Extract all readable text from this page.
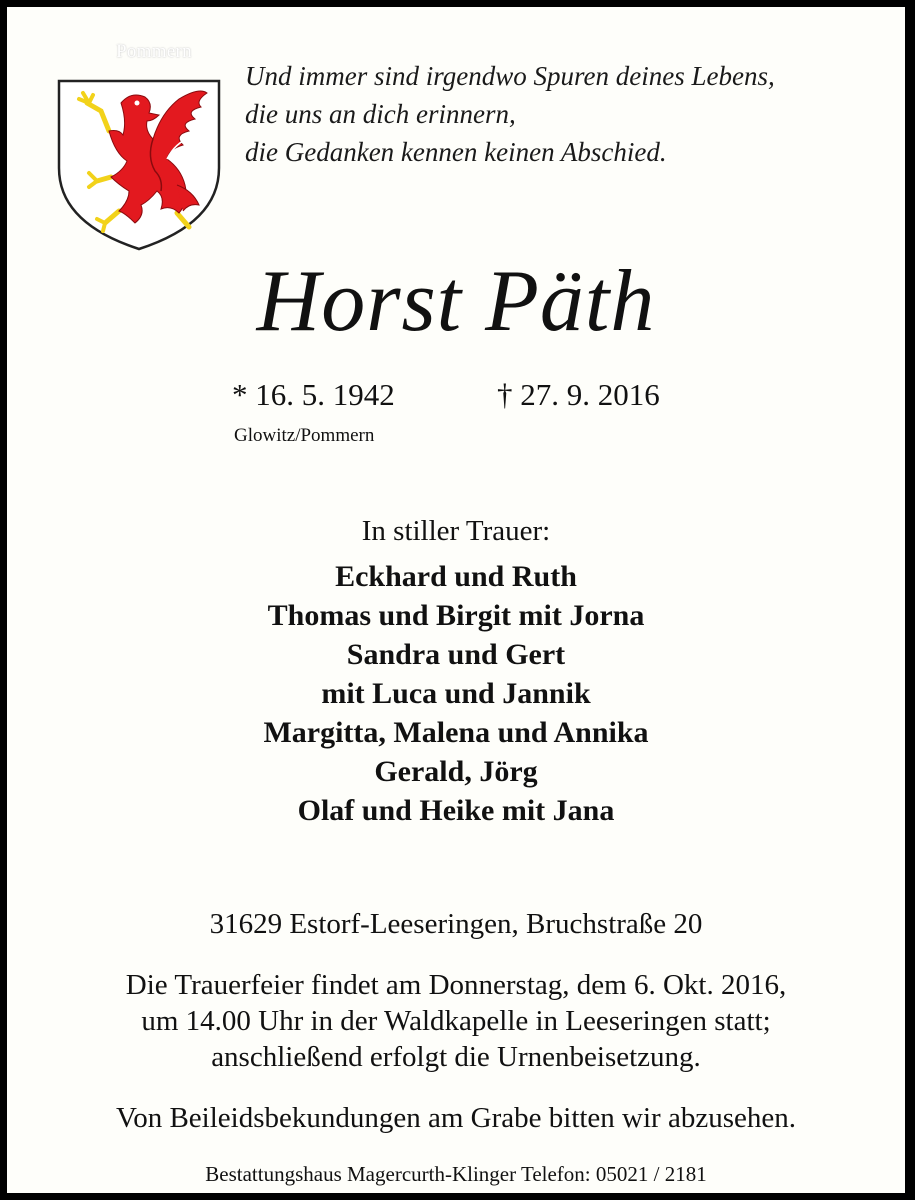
Pommern
Und immer sind irgendwo Spuren deines Lebens,
die uns an dich erinnern,
die Gedanken kennen keinen Abschied.
Horst Päth
* 16. 5. 1942	† 27. 9. 2016
Glowitz/Pommern
In stiller Trauer:
Eckhard und Ruth
Thomas und Birgit mit Jorna
Sandra und Gert
mit Luca und Jannik
Margitta, Malena und Annika
Gerald, Jörg
Olaf und Heike mit Jana
31629 Estorf-Leeseringen, Bruchstraße 20
Die Trauerfeier findet am Donnerstag, dem 6. Okt. 2016,
um 14.00 Uhr in der Waldkapelle in Leeseringen statt;
anschließend erfolgt die Urnenbeisetzung.
Von Beileidsbekundungen am Grabe bitten wir abzusehen.
Bestattungshaus Magercurth-Klinger Telefon: 05021 / 2181
